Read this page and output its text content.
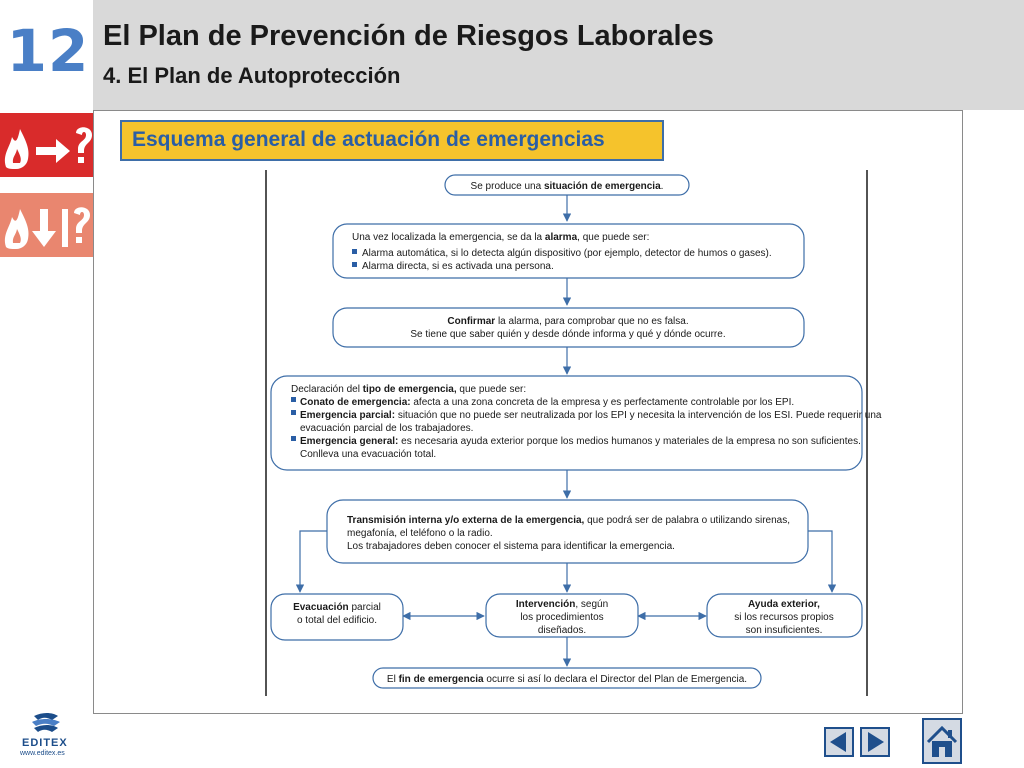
12 El Plan de Prevención de Riesgos Laborales
4. El Plan de Autoprotección
Esquema general de actuación de emergencias
Se produce una situación de emergencia.
Una vez localizada la emergencia, se da la alarma, que puede ser:
Alarma automática, si lo detecta algún dispositivo (por ejemplo, detector de humos o gases).
Alarma directa, si es activada una persona.
Confirmar la alarma, para comprobar que no es falsa.
Se tiene que saber quién y desde dónde informa y qué y dónde ocurre.
Declaración del tipo de emergencia, que puede ser:
Conato de emergencia: afecta a una zona concreta de la empresa y es perfectamente controlable por los EPI.
Emergencia parcial: situación que no puede ser neutralizada por los EPI y necesita la intervención de los ESI. Puede requerir una
evacuación parcial de los trabajadores.
Emergencia general: es necesaria ayuda exterior porque los medios humanos y materiales de la empresa no son suficientes.
Conlleva una evacuación total.
Transmisión interna y/o externa de la emergencia, que podrá ser de palabra o utilizando sirenas,
megafonía, el teléfono o la radio.
Los trabajadores deben conocer el sistema para identificar la emergencia.
Evacuación parcial
o total del edificio.
Intervención, según
los procedimientos
diseñados.
Ayuda exterior,
si los recursos propios
son insuficientes.
El fin de emergencia ocurre si así lo declara el Director del Plan de Emergencia.
EDITEX
www.editex.es
